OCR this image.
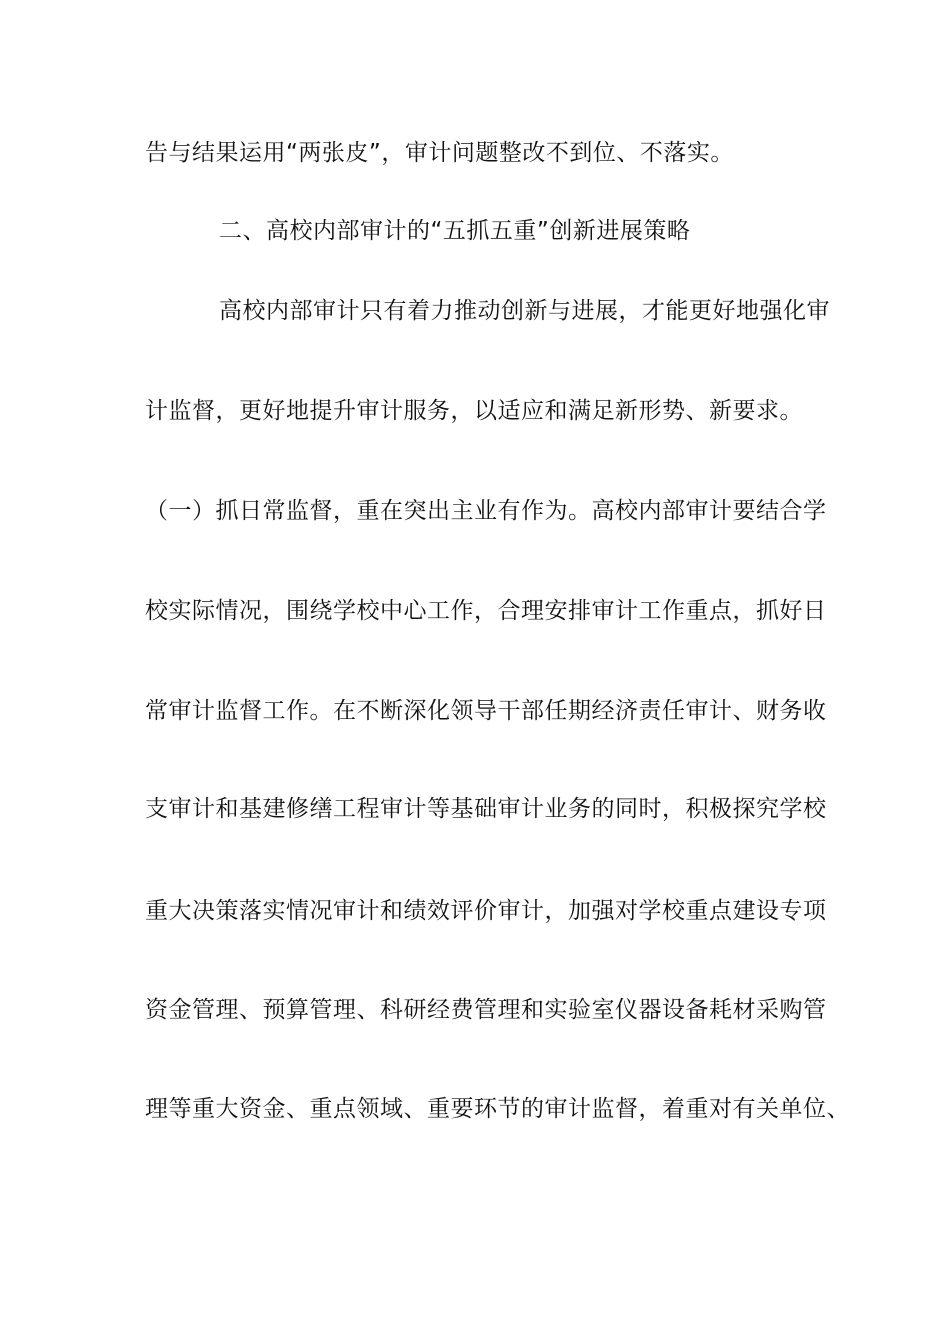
告与结果运用“两张皮”，审计问题整改不到位、不落实。
二、高校内部审计的“五抓五重”创新进展策略
高校内部审计只有着力推动创新与进展，才能更好地强化审
计监督，更好地提升审计服务，以适应和满足新形势、新要求。
（一）抓日常监督，重在突出主业有作为。高校内部审计要结合学
校实际情况，围绕学校中心工作，合理安排审计工作重点，抓好日
常审计监督工作。在不断深化领导干部任期经济责任审计、财务收
支审计和基建修缮工程审计等基础审计业务的同时，积极探究学校
重大决策落实情况审计和绩效评价审计，加强对学校重点建设专项
资金管理、预算管理、科研经费管理和实验室仪器设备耗材采购管
理等重大资金、重点领域、重要环节的审计监督，着重对有关单位、
